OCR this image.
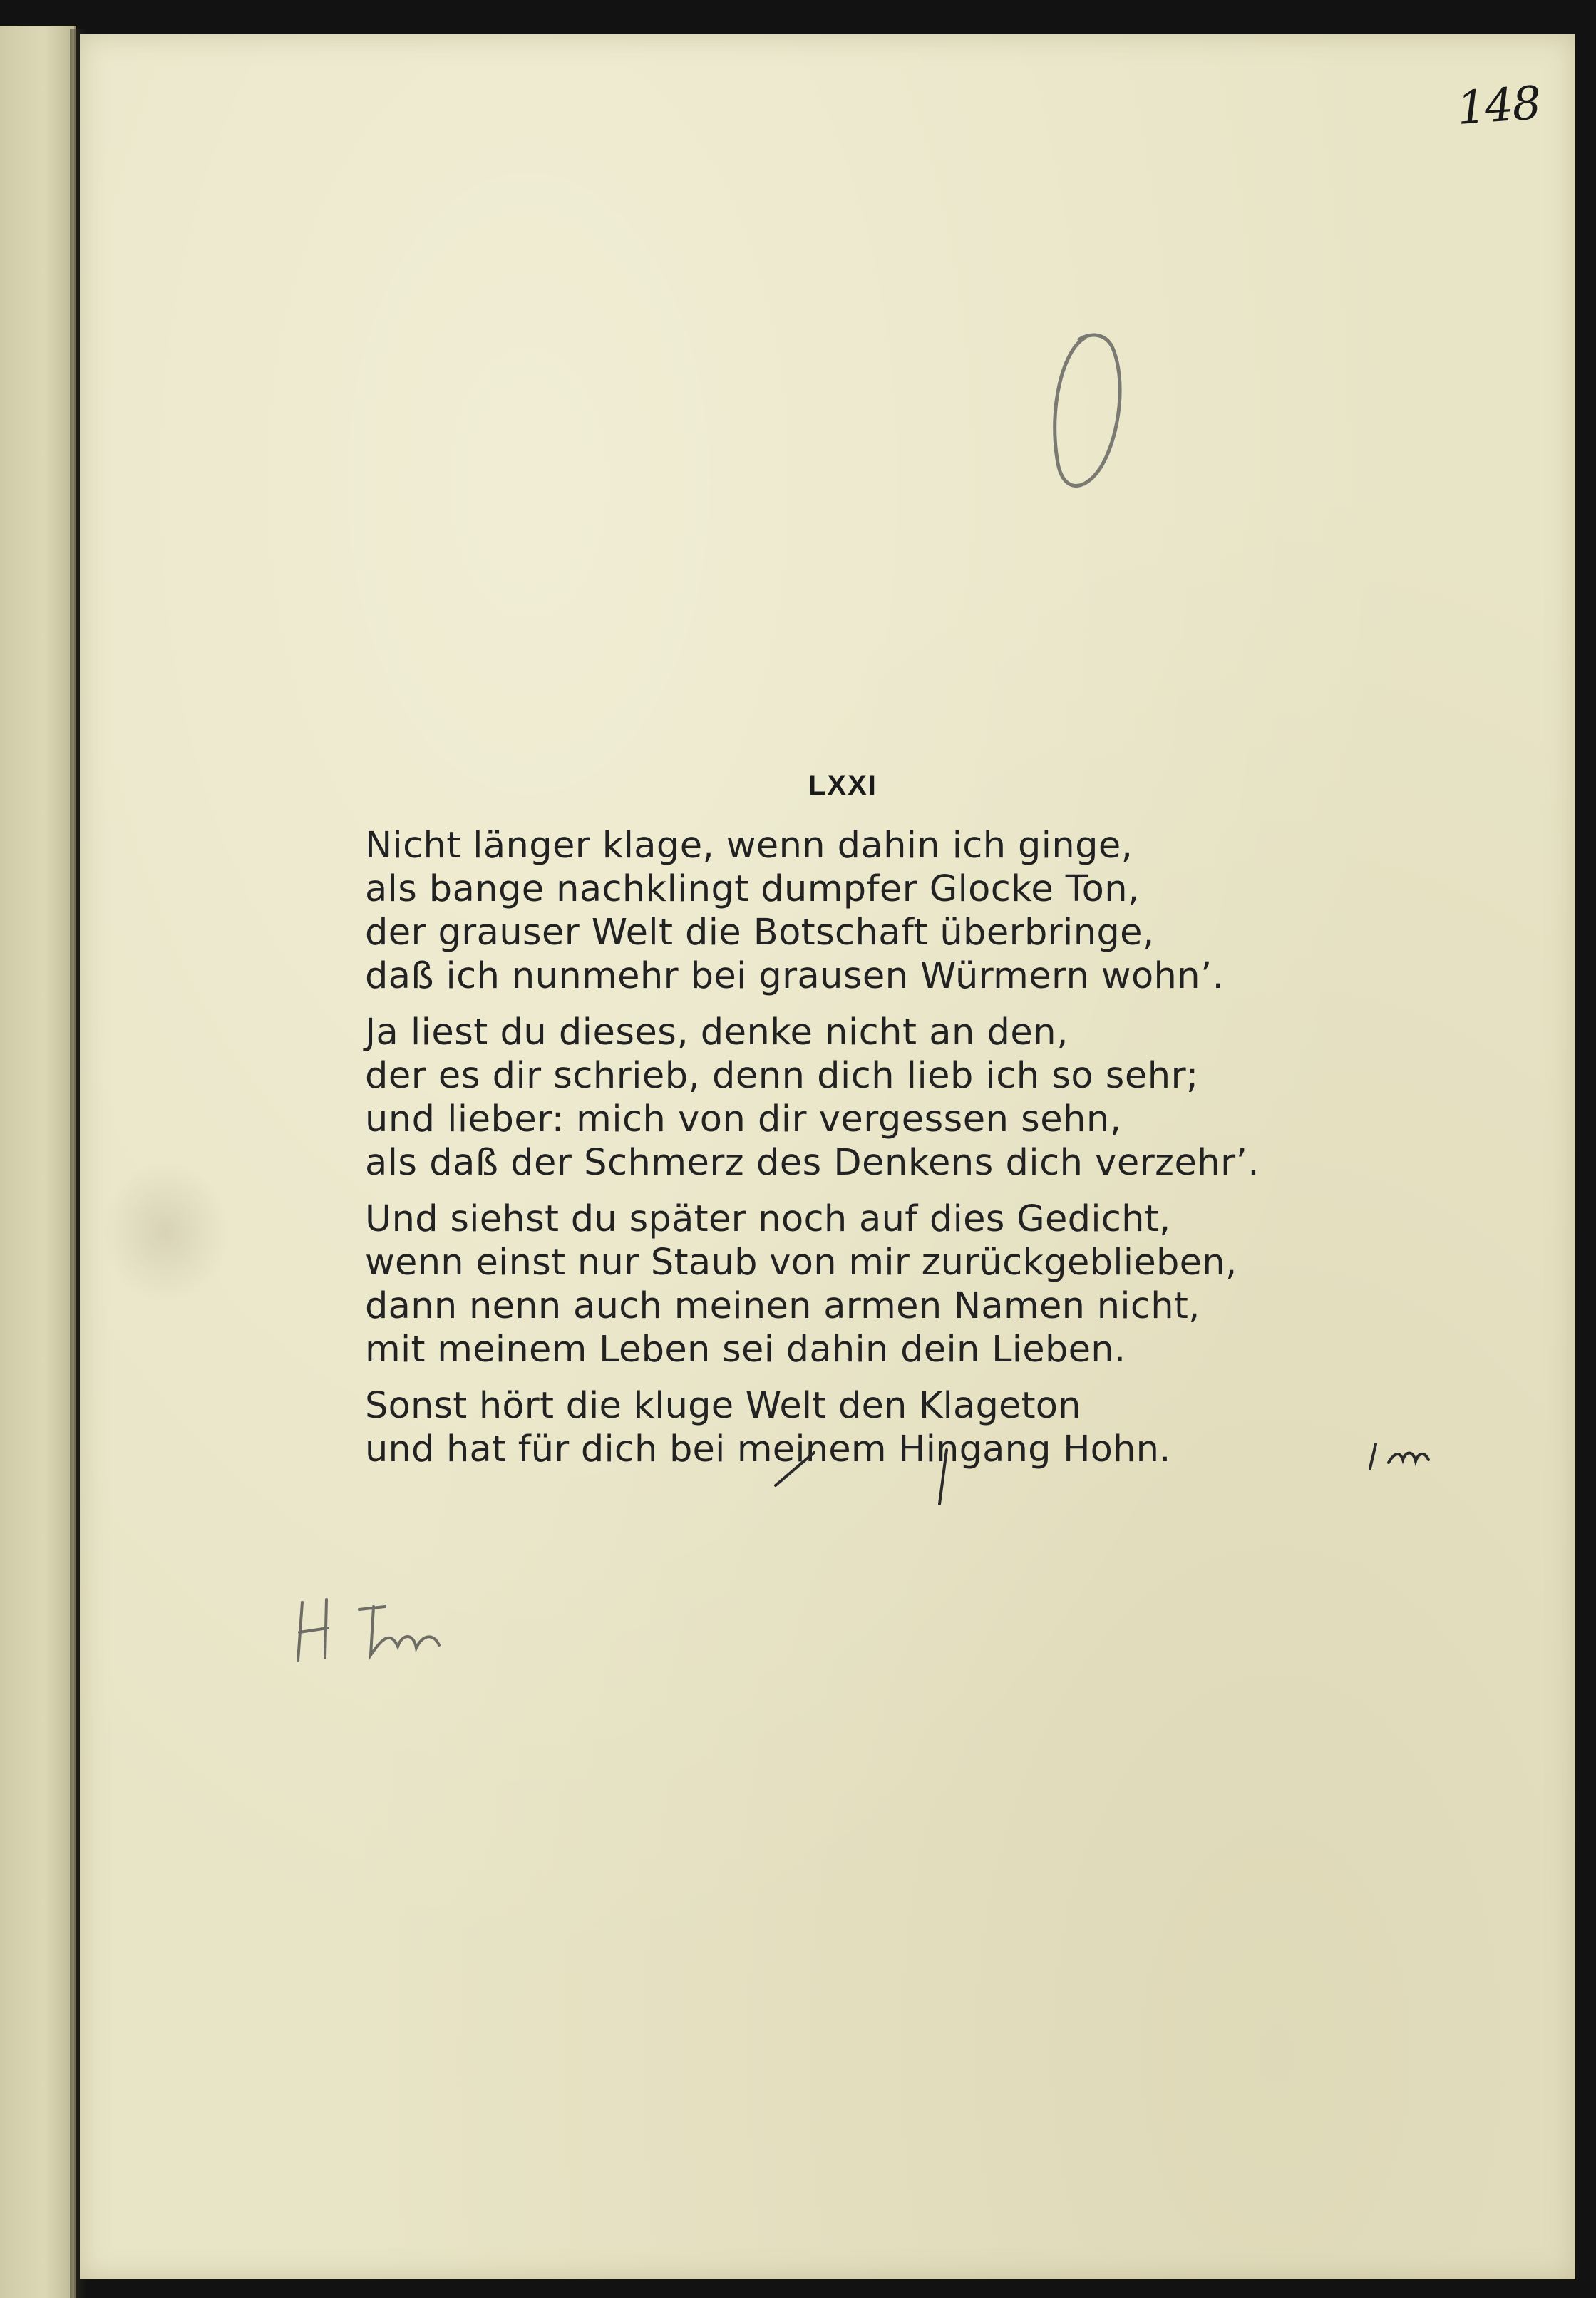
148
LXXI
Nicht länger klage, wenn dahin ich ginge,
als bange nachklingt dumpfer Glocke Ton,
der grauser Welt die Botschaft überbringe,
daß ich nunmehr bei grausen Würmern wohn’.
Ja liest du dieses, denke nicht an den,
der es dir schrieb, denn dich lieb ich so sehr;
und lieber: mich von dir vergessen sehn,
als daß der Schmerz des Denkens dich verzehr’.
Und siehst du später noch auf dies Gedicht,
wenn einst nur Staub von mir zurückgeblieben,
dann nenn auch meinen armen Namen nicht,
mit meinem Leben sei dahin dein Lieben.
Sonst hört die kluge Welt den Klageton
und hat für dich bei meinem Hingang Hohn.
